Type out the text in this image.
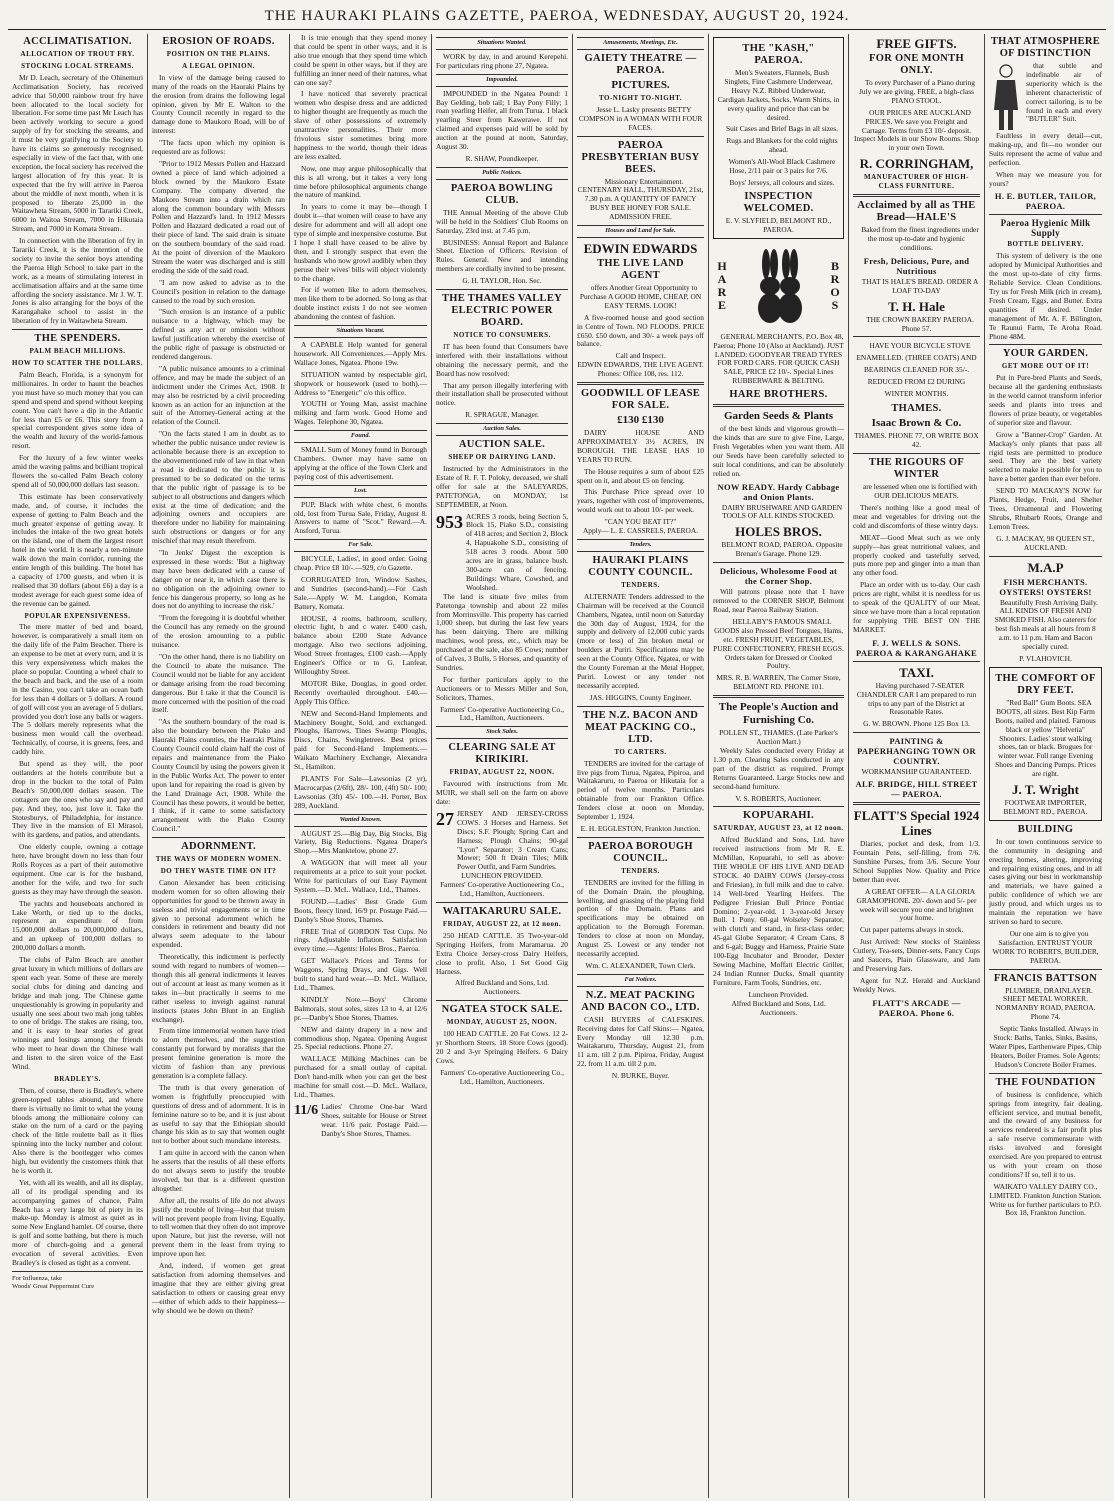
THE HAURAKI PLAINS GAZETTE, PAEROA, WEDNESDAY, AUGUST 20, 1924.
ACCLIMATISATION.
ALLOCATION OF TROUT FRY.
STOCKING LOCAL STREAMS.

Mr D. Leach, secretary of the Ohinemuri Acclimatisation Society, has received advice that 50,000 rainbow trout fry have been allocated to the local society for liberation. For some time past Mr Leach has been actively working to secure a good supply of fry for stocking the streams, and it must be very gratifying to the Society to have its claims so generously recognised, especially in view of the fact that, with one exception, the local society has received the largest allocation of fry this year. It is expected that the fry will arrive in Paeroa about the middle of next month, when it is proposed to liberate 25,000 in the Waitawheta Stream, 5000 in Tarariki Creek, 6000 in Waitoa Stream, 7000 in Hikutaia Stream, and 7000 in Komata Stream.

In connection with the liberation of fry in Tarariki Creek, it is the intention of the society to invite the senior boys attending the Paeroa High School to take part in the work, as a means of stimulating interest in acclimatisation affairs and at the same time affording the society assistance. Mr J. W. T. Jones is also arranging for the boys of the Karangahake school to assist in the liberation of fry in Waitawheta Stream.

THE SPENDERS.
PALM BEACH MILLIONS.
HOW TO SCATTER THE DOLLARS.

Palm Beach, Florida, is a synonym for millionaires. In order to haunt the beaches you must have so much money that you can spend and spend and spend without keeping count. You can't have a dip in the Atlantic for less than £5 or £6. This story from a special correspondent gives some idea of the wealth and luxury of the world-famous resort.

For the luxury of a few winter weeks amid the waving palms and brilliant tropical flowers the so-called Palm Beach colony spend all of 50,000,000 dollars last season.

This estimate has been conservatively made, and, of course, it includes the expense of getting to Palm Beach and the much greater expense of getting away. It includes the intake of the two great hotels on the island, one of them the largest resort hotel in the world. It is nearly a ten-minute walk down the main corridor, running the entire length of this building. The hotel has a capacity of 1700 guests, and when it is realised that 30 dollars (about £6) a day is a modest average for each guest some idea of the revenue can be gained.

POPULAR EXPENSIVENESS.

The mere matter of bed and board, however, is comparatively a small item on the daily life of the Palm Beacher. There is an expense to be met at every turn, and it is this very expensiveness which makes the place so popular. Counting a wheel chair to the beach and back, and the use of a room in the Casino, you can't take an ocean bath for less than 4 dollars or 5 dollars. A round of golf will cost you an average of 5 dollars, provided you don't lose any balls or wagers. The 5 dollars merely represents what the business men would call the overhead. Technically, of course, it is greens, fees, and caddy hire.

But spend as they will, the poor outlanders at the hotels contribute but a drop in the bucket to the total of Palm Beach's 50,000,000 dollars season. The cottagers are the ones who say and pay and pay. And they, too, just love it. Take the Stotesburys, of Philadelphia, for instance. They live in the mansion of El Mirasol, with its gardens, and patios, and attendants.

One elderly couple, owning a cottage here, have brought down no less than four Rolls Royces as a part of their automotive equipment. One car is for the husband, another for the wife, and two for such guests as they may have through the season.

The yachts and houseboats anchored in Lake Worth, or tied up to the docks, represent an expenditure of from 15,000,000 dollars to 20,000,000 dollars, and an upkeep of 100,000 dollars to 200,000 dollars a month.

The clubs of Palm Beach are another great luxury in which millions of dollars are spent each year. Some of these are merely social clubs for dining and dancing and bridge and mah jong. The Chinese game unquestionably is growing in popularity and usually one sees about two mah jong tables to one of bridge. The stakes are rising, too, and it is easy to hear stories of great winnings and losings among the friends who meet to hear down the Chinese wall and listen to the siren voice of the East Wind.

BRADLEY'S.

Then, of course, there is Bradley's, where green-topped tables abound, and where there is virtually no limit to what the young bloods among the millionaire colony can stake on the turn of a card or the paying check of the little roulette ball as it flies spinning into the lucky number and colour. Also there is the bootlegger who comes high, but evidently the customers think that he is worth it.

Yet, with all its wealth, and all its display, all of its prodigal spending and its accompanying games of chance, Palm Beach has a very large bit of piety in its make-up. Monday is almost as quiet as in some New England hamlet. Of course, there is golf and some bathing, but there is much more of church-going and a general evocation of several activities. Even Bradley's is closed as tight as a convent.

For Influenza, take
Woods' Great Peppermint Cure
EROSION OF ROADS.
POSITION ON THE PLAINS.
A LEGAL OPINION.

In view of the damage being caused to many of the roads on the Hauraki Plains by the erosion from drains the following legal opinion, given by Mr E. Walton to the County Council recently in regard to the damage done to Maukoro Road, will be of interest:

"The facts upon which my opinion is requested are as follows:

"Prior to 1912 Messrs Pollen and Hazzard owned a piece of land which adjoined a block owned by the Maukoro Estate Company. The company diverted the Maukoro Stream into a drain which ran along the common boundary with Messrs Pollen and Hazzard's land. In 1912 Messrs Pollen and Hazzard dedicated a road out of their piece of land. The said drain is situate on the southern boundary of the said road. At the point of diversion of the Maukoro Stream the water was discharged and is still eroding the side of the said road.

"I am now asked to advise as to the Council's position in relation to the damage caused to the road by such erosion.

"Such erosion is an instance of a public nuisance to a highway, which may be defined as any act or omission without lawful justification whereby the exercise of the public right of passage is obstructed or rendered dangerous.

"A public nuisance amounts to a criminal offence, and may be made the subject of an indictment under the Crimes Act, 1908. It may also be restricted by a civil proceeding known as an action for an injunction at the suit of the Attorney-General acting at the relation of the Council.

"On the facts stated I am in doubt as to whether the public nuisance under review is actionable because there is an exception to the abovementioned rule of law in that when a road is dedicated to the public it is presumed to be so dedicated on the terms that the public right of passage is to be subject to all obstructions and dangers which exist at the time of dedication; and the adjoining owners and occupiers are therefore under no liability for maintaining such obstructions or dangers or for any mischief that may result therefrom.

"In Jenks' Digest the exception is expressed in these words: 'But a highway may have been dedicated with a cause of danger on or near it, in which case there is no obligation on the adjoining owner to fence his dangerous property, so long as he does not do anything to increase the risk.'

"From the foregoing it is doubtful whether the Council has any remedy on the ground of the erosion amounting to a public nuisance.

"On the other hand, there is no liability on the Council to abate the nuisance. The Council would not be liable for any accident or damage arising from the road becoming dangerous. But I take it that the Council is more concerned with the position of the road itself.

"As the southern boundary of the road is also the boundary between the Piako and Hauraki Plains counties, the Hauraki Plains County Council could claim half the cost of repairs and maintenance from the Piako County Council by using the powers given it in the Public Works Act. The power to enter upon land for repairing the road is given by the Land Drainage Act, 1908. While the Council has these powers, it would be better, I think, if it came to some satisfactory arrangement with the Piako County Council."

ADORNMENT.
THE WAYS OF MODERN WOMEN.
DO THEY WASTE TIME ON IT?

Canon Alexander has been criticising modern women for so often allowing their opportunities for good to be thrown away in useless and trivial engagements or in time given to personal adornment which he considers in retirement and beauty did not always seem adequate to the labour expended.

Theoretically, this indictment is perfectly sound with regard to numbers of women—though this all general indictments it leaves out of account at least as many women as it takes in—but practically it seems to me rather useless to inveigh against natural instincts (states John Blunt in an English exchange).

From time immemorial women have tried to adorn themselves, and the suggestion constantly put forward by moralists that the present feminine generation is more the victim of fashion than any previous generation is a complete fallacy.

The truth is that every generation of women is frightfully preoccupied with questions of dress and of adornment. It is in feminine nature so to be, and it is just about as useful to say that the Ethiopian should change his skin as to say that women ought not to bother about such mundane interests.

I am quite in accord with the canon when he asserts that the results of all these efforts do not always seem to justify the trouble involved, but that is a different question altogether.

After all, the results of life do not always justify the trouble of living—but that truism will not prevent people from living. Equally, to tell women that they often do not improve upon Nature, but just the reverse, will not prevent them in the least from trying to improve upon her.

And, indeed, if women get great satisfaction from adorning themselves and imagine that they are either giving great satisfaction to others or causing great envy—either of which adds to their happiness—why should we be down on them?

It is true enough that they spend money that could be spent in other ways, and it is also true enough that they spend time which could be spent in other ways, but if they are fulfilling an inner need of their natures, what can one say?

I have noticed that severely practical women who despise dress and are addicted to higher thought are frequently as much the slave of other possessions of extremely unattractive personalities. Their more frivolous sister sometimes bring more happiness to the world, though their ideas are less exalted.

Now, one may argue philosophically that this is all wrong, but it takes a very long time before philosophical arguments change the nature of mankind.

In years to come it may be—though I doubt it—that women will cease to have any desire for adornment and will all adopt one type of simple and inexpensive costume. But I hope I shall have ceased to be alive by then, and I strongly suspect that even the husbands who now growl audibly when they peruse their wives' bills will object violently to the change.

For if women like to adorn themselves, men like them to be adorned. So long as that double instinct exists I do not see women abandoning the contest of fashion.

Situations Vacant.

A CAPABLE Help wanted for general housework. All Conveniences.—Apply Mrs. Wallace Jones, Ngatea. Phone 19w.

SITUATION wanted by respectable girl, shopwork or housework (used to both).—Address to "Energetic" c/o this office.

YOUTH or Young Man, assist machine milking and farm work. Good Home and Wages. Telephone 30, Ngatea.

Found.

SMALL Sum of Money found in Borough Chambers. Owner may have same on applying at the office of the Town Clerk and paying cost of this advertisement.

Lost.

PUP, Black with white chest, 6 months old, lost from Turua Sale, Friday, August 8. Answers to name of "Scot." Reward.—A. Ansford, Turua.

For Sale.

BICYCLE, Ladies', in good order. Going cheap. Price £8 10/-.—929, c/o Gazette.

CORRUGATED Iron, Window Sashes, and Sundries (second-hand).—For Cash Sale.—Apply W. M. Langdon, Komata Battery, Komata.

HOUSE, 4 rooms, bathroom, scullery, electric light, h and c water. £400 cash, balance about £200 State Advance mortgage. Also two sections adjoining, Wood Street frontages, £100 cash.—Apply Engineer's Office or to G. Lanfear, Willoughby Street.

MOTOR Bike, Douglas, in good order. Recently overhauled throughout. £40.—Apply This Office.

NEW and Second-Hand Implements and Machinery Bought, Sold, and exchanged. Ploughs, Harrows, Tines Swamp Ploughs, Discs, Chains, Swingletrees. Best prices paid for Second-Hand Implements.—Waikato Machinery Exchange, Alexandra St., Hamilton.

PLANTS For Sale—Lawsonias (2 yr), Macrocarpas (2/6ft), 28/- 100, (4ft) 50/- 100; Lawsonias (3ft) 45/- 100.—H. Porter, Box 289, Auckland.

Wanted Known.

AUGUST 25.—Big Day, Big Stocks, Big Variety, Big Reductions. Ngatea Draper's Shop.—Mrs Manktelow, phone 27.

A WAGGON that will meet all your requirements at a price to suit your pocket. Write for particulars of our Easy Payment System.—D. McL. Wallace, Ltd., Thames.

FOUND.—Ladies' Best Grade Gum Boots, fleecy lined, 16/9 pr. Postage Paid.—Danby's Shoe Stores, Thames.

FREE Trial of GORDON Test Cups. No rings. Adjustable Inflation. Satisfaction every time.—Agents: Holes Bros., Paeroa.

GET Wallace's Prices and Terms for Waggons, Spring Drays, and Gigs. Well built to stand hard wear.—D. McL. Wallace, Ltd., Thames.

KINDLY Note.—Boys' Chrome Balmorals, stout soles, sizes 13 to 4, at 12/6 pr.—Danby's Shoe Stores, Thames.

NEW and dainty drapery in a new and commodious shop, Ngatea. Opening August 25. Special reductions. Phone 27.

WALLACE Milking Machines can be purchased for a small outlay of capital. Don't hand-milk when you can get the best machine for small cost.—D. McL. Wallace, Ltd., Thames.

11/6 Ladies' Chrome One-bar Ward Shoes, suitable for House or Street wear. 11/6 pair. Postage Paid.—Danby's Shoe Stores, Thames.
Situations Wanted.

WORK by day, in and around Kerepehi. For particulars ring phone 27, Ngatea.

Impounded.

IMPOUNDED in the Ngatea Pound: 1 Bay Gelding, bob tail; 1 Bay Pony Filly; 1 roan yearling Heifer, all from Turua. 1 black yearling Steer from Kawerawe. If not claimed and expenses paid will be sold by auction at the pound at noon, Saturday, August 30.

R. SHAW, Poundkeeper.
Public Notices.
PAEROA BOWLING CLUB.

THE Annual Meeting of the above Club will be held in the Soldiers' Club Rooms on Saturday, 23rd inst. at 7.45 p.m.

BUSINESS: Annual Report and Balance Sheet. Election of Officers. Revision of Rules. General. New and intending members are cordially invited to be present.

G. H. TAYLOR, Hon. Sec.
THE THAMES VALLEY ELECTRIC POWER BOARD.
NOTICE TO CONSUMERS.

IT has been found that Consumers have interfered with their installations without obtaining the necessary permit, and the Board has now resolved:

That any person illegally interfering with their installation shall be prosecuted without notice.

R. SPRAGUE, Manager.
Auction Sales.
AUCTION SALE.
SHEEP OR DAIRYING LAND.

Instructed by the Administrators in the Estate of R. F. T. Poloky, deceased, we shall offer for sale at the SALEYARDS, PATETONGA, on MONDAY, 1st SEPTEMBER, at Noon.

953 ACRES 3 roods, being Section 5, Block 15, Piako S.D., consisting of 418 acres; and Section 2, Block 4, Hapuakohe S.D., consisting of 518 acres 3 roods. About 500 acres are in grass, balance bush. 300-acre can of fencing. Buildings: Whare, Cowshed, and Woolshed.

The land is situate five miles from Patetonga township and about 22 miles from Morrinsville. This property has carried 1,000 sheep, but during the last few years has been dairying. There are milking machines, wool press, etc., which may be purchased at the sale, also 85 Cows; number of Calves, 3 Bulls, 5 Horses, and quantity of Sundries.

For further particulars apply to the Auctioneers or to Messrs Miller and Son, Solicitors, Thames.

Farmers' Co-operative Auctioneering Co., Ltd., Hamilton, Auctioneers.
Stock Sales.
CLEARING SALE AT KIRIKIRI.
FRIDAY, AUGUST 22, NOON.

Favoured with instructions from Mr. MUIR, we shall sell on the farm on above date:

27 JERSEY AND JERSEY-CROSS COWS. 3 Horses and Harness. Set Discs; S.F. Plough; Spring Cart and Harness; Plough Chains; 90-gal "Lyon" Separator; 3 Cream Cans; Mower; 500 ft Drain Tiles; Milk Power Outfit, and Farm Sundries.
LUNCHEON PROVIDED.
Farmers' Co-operative Auctioneering Co., Ltd., Hamilton, Auctioneers.
WAITAKARURU SALE.
FRIDAY, AUGUST 22, at 12 noon.

250 HEAD CATTLE. 35 Two-year-old Springing Heifers, from Maramarua. 20 Extra Choice Jersey-cross Dairy Heifers, close to profit. Also, 1 Set Good Gig Harness.

Alfred Buckland and Sons, Ltd. Auctioneers.
NGATEA STOCK SALE.
MONDAY, AUGUST 25, NOON.

100 HEAD CATTLE. 20 Fat Cows. 12 2-yr Shorthorn Steers. 18 Store Cows (good). 20 2 and 3-yr Springing Heifers. 6 Dairy Cows.

Farmers' Co-operative Auctioneering Co., Ltd., Hamilton, Auctioneers.
Amusements, Meetings, Etc.
GAIETY THEATRE — PAEROA.
PICTURES.
TO-NIGHT TO-NIGHT.

Jesse L. Lasky presents BETTY COMPSON in A WOMAN WITH FOUR FACES.

PAEROA PRESBYTERIAN BUSY BEES.

Missionary Entertainment. CENTENARY HALL, THURSDAY, 21st, 7.30 p.m. A QUANTITY OF FANCY BUSY BEE HONEY FOR SALE. ADMISSION FREE.

Houses and Land for Sale.
EDWIN EDWARDS
THE LIVE LAND AGENT

offers Another Great Opportunity to Purchase A GOOD HOME, CHEAP, ON EASY TERMS. LOOK!

A five-roomed house and good section in Centre of Town. NO FLOODS. PRICE £650. £50 down, and 30/- a week pays off balance.

Call and Inspect.
EDWIN EDWARDS, THE LIVE AGENT. Phones: Office 108, res. 112.
GOODWILL OF LEASE FOR SALE.
£130 £130

DAIRY HOUSE AND APPROXIMATELY 3½ ACRES, IN BOROUGH. THE LEASE HAS 10 YEARS TO RUN.

The House requires a sum of about £25 spent on it, and about £5 on fencing.

This Purchase Price spread over 10 years, together with cost of improvements, would work out to about 10/- per week.

"CAN YOU BEAT IT?"
Apply— L. E. CASSRELS, PAEROA.
Tenders.
HAURAKI PLAINS COUNTY COUNCIL.
TENDERS.

ALTERNATE Tenders addressed to the Chairman will be received at the Council Chambers, Ngatea, until noon on Saturday the 30th day of August, 1924, for the supply and delivery of 12,000 cubic yards (more or less) of 2in broken metal or boulders at Puriri. Specifications may be seen at the County Office, Ngatea, or with the County Foreman at the Metal Hopper, Puriri. Lowest or any tender not necessarily accepted.

JAS. HIGGINS, County Engineer.
THE N.Z. BACON AND MEAT PACKING CO., LTD.
TO CARTERS.

TENDERS are invited for the cartage of live pigs from Turua, Ngatea, Pipiroa, and Waitakaruru, to Paeroa or Hikutaia for a period of twelve months. Particulars obtainable from our Frankton Office. Tenders close at noon on Monday, September 1, 1924.

E. H. EGGLESTON, Frankton Junction.
PAEROA BOROUGH COUNCIL.
TENDERS.

TENDERS are invited for the filling in of the Domain Drain, the ploughing, levelling, and grassing of the playing field portion of the Domain. Plans and specifications may be obtained on application to the Borough Foreman. Tenders to close at noon on Monday, August 25. Lowest or any tender not necessarily accepted.

Wm. C. ALEXANDER, Town Clerk.
Fat Notices.
N.Z. MEAT PACKING AND BACON CO., LTD.

CASH BUYERS of CALFSKINS. Receiving dates for Calf Skins:— Ngatea, Every Monday till 12.30 p.m. Waitakaruru, Thursday, August 21, from 11 a.m. till 2 p.m. Pipiroa, Friday, August 22, from 11 a.m. till 2 p.m.

N. BURKE, Buyer.
THE "KASH," PAEROA.

Men's Sweaters, Flannels, Bush Singlets, Fine Cashmere Underwear, Heavy N.Z. Ribbed Underwear, Cardigan Jackets, Socks, Warm Shirts, in every quality and price that can be desired.

Suit Cases and Brief Bags in all sizes.

Rugs and Blankets for the cold nights ahead.

Women's All-Wool Black Cashmere Hose, 2/11 pair or 3 pairs for 7/6.

Boys' Jerseys, all colours and sizes.

INSPECTION WELCOMED.
E. V. SLYFIELD, BELMONT RD., PAEROA.
H
A
R
E
B
R
O
S

GENERAL MERCHANTS. P.O. Box 48, Paeroa; Phone 10 (Also at Auckland). JUST LANDED: GOODYEAR TREAD TYRES FOR FORD CARS. FOR QUICK CASH SALE, PRICE £2 10/-. Special Lines RUBBERWARE & BELTING.

HARE BROTHERS.
Garden Seeds & Plants

of the best kinds and vigorous growth—the kinds that are sure to give Fine, Large, Fresh Vegetables when you want them. All our Seeds have been carefully selected to suit local conditions, and can be absolutely relied on.

NOW READY. Hardy Cabbage and Onion Plants.

DAIRY BRUSHWARE AND GARDEN TOOLS OF ALL KINDS STOCKED.

HOLES BROS.

BELMONT ROAD, PAEROA. Opposite Brenan's Garage. Phone 129.

Delicious, Wholesome Food at the Corner Shop.

Will patrons please note that I have removed to the CORNER SHOP, Belmont Road, near Paeroa Railway Station.

HELLABY'S FAMOUS SMALL GOODS also Pressed Beef Tongues, Hams, etc. FRESH FRUIT, VEGETABLES, PURE CONFECTIONERY, FRESH EGGS. Orders taken for Dressed or Cooked Poultry.

MRS. R. B. WARREN, The Corner Store, BELMONT RD. PHONE 101.
The People's Auction and Furnishing Co.
POLLEN ST., THAMES. (Late Parker's Auction Mart.)

Weekly Sales conducted every Friday at 1.30 p.m. Clearing Sales conducted in any part of the district as required. Prompt Returns Guaranteed. Large Stocks new and second-hand furniture.

V. S. ROBERTS, Auctioneer.
KOPUARAHI.
SATURDAY, AUGUST 23, at 12 noon.

Alfred Buckland and Sons, Ltd. have received instructions from Mr R. E. McMillan, Kopuarahi, to sell as above: THE WHOLE OF HIS LIVE AND DEAD STOCK. 40 DAIRY COWS (Jersey-cross and Friesian), in full milk and due to calve. 14 Well-bred Yearling Heifers. The Pedigree Friesian Bull Prince Pontiac Domino; 2-year-old. 1 3-year-old Jersey Bull. 1 Pony. 60-gal Wolseley Separator, with clutch and stand, in first-class order; 45-gal Globe Separator; 4 Cream Cans, 8 and 6-gal; Buggy and Harness, Prairie State 100-Egg Incubator and Brooder, Dexter Sewing Machine, Moffatt Electric Griller, 24 Indian Runner Ducks, Small quantity Furniture, Farm Tools, Sundries, etc.

Luncheon Provided.
Alfred Buckland and Sons, Ltd. Auctioneers.
FREE GIFTS.
FOR ONE MONTH ONLY.

To every Purchaser of a Piano during July we are giving, FREE, a high-class PIANO STOOL.

OUR PRICES ARE AUCKLAND PRICES. We save you Freight and Cartage. Terms from £3 10/- deposit. Inspect Models in our Show Rooms. Shop in your own Town.

R. CORRINGHAM,
MANUFACTURER OF HIGH-CLASS FURNITURE.
Acclaimed by all as THE Bread—HALE'S

Baked from the finest ingredients under the most up-to-date and hygienic conditions.

Fresh, Delicious, Pure, and Nutritious

THAT IS HALE'S BREAD. ORDER A LOAF TO-DAY

T. H. Hale

THE CROWN BAKERY PAEROA. Phone 57.

HAVE YOUR BICYCLE STOVE ENAMELLED. (THREE COATS) AND BEARINGS CLEANED FOR 35/-. REDUCED FROM £2 DURING WINTER MONTHS.

THAMES.
Isaac Brown & Co.
THAMES. PHONE 77, OR WRITE BOX 42.
THE RIGOURS OF WINTER

are lessened when one is fortified with OUR DELICIOUS MEATS.

There's nothing like a good meal of meat and vegetables for driving out the cold and discomforts of these wintry days.

MEAT—Good Meat such as we only supply—has great nutritional values, and properly cooked and tastefully served, puts more pep and ginger into a man than any other food.

Place an order with us to-day. Our cash prices are right, whilst it is needless for us to speak of the QUALITY of our Meat, since we have more than a local reputation for supplying THE BEST ON THE MARKET.

F. J. WELLS & SONS. PAEROA & KARANGAHAKE
TAXI.

Having purchased 7-SEATER CHANDLER CAR I am prepared to run trips to any part of the District at Reasonable Rates.

G. W. BROWN. Phone 125 Box 13.
PAINTING & PAPERHANGING TOWN OR COUNTRY.
WORKMANSHIP GUARANTEED.
ALF. BRIDGE, HILL STREET — PAEROA.
FLATT'S Special 1924 Lines

Diaries, pocket and desk, from 1/3. Fountain Pens, self-filling, from 7/6. Sunshine Purses, from 3/6. Secure Your School Supplies Now. Quality and Price better than ever.

A GREAT OFFER— A LA GLORIA GRAMOPHONE. 20/- down and 5/- per week will secure you one and brighten your home.

Cut paper patterns always in stock.

Just Arrived: New stocks of Stainless Cutlery, Tea-sets, Dinner-sets, Fancy Cups and Saucers, Plain Glassware, and Jam and Preserving Jars.

Agent for N.Z. Herald and Auckland Weekly News.

FLATT'S ARCADE — PAEROA. Phone 6.
THAT ATMOSPHERE OF DISTINCTION

that subtle and indefinable air of superiority which is the inherent characteristic of correct tailoring, is to be found in each and every "BUTLER" Suit.

Faultless in every detail—cut, making-up, and fit—no wonder our Suits represent the acme of value and perfection.

When may we measure you for yours?

H. E. BUTLER, TAILOR, PAEROA.
Paeroa Hygienic Milk Supply
BOTTLE DELIVERY.

This system of delivery is the one adopted by Municipal Authorities and the most up-to-date of city firms. Reliable Service. Clean Conditions. Try us for Fresh Milk (rich in cream), Fresh Cream, Eggs, and Butter. Extra quantities if desired. Under management of Mr. A. F. Billington, Te Raunui Farm, Te Aroha Road. Phone 48M.

YOUR GARDEN.
GET MORE OUT OF IT!

Put in Pure-bred Plants and Seeds, because all the gardening enthusiasts in the world cannot transform inferior seeds and plants into trees and flowers of prize beauty, or vegetables of superior size and flavour.

Grow a "Banner-Crop" Garden. At Mackay's only plants that pass all rigid tests are permitted to produce seed. They are the best variety selected to make it possible for you to have a better garden than ever before.

SEND TO MACKAY'S NOW for Plants, Hedge, Fruit, and Shelter Trees, Ornamental and Flowering Shrubs, Rhubarb Roots, Orange and Lemon Trees.

G. J. MACKAY, 98 QUEEN ST., AUCKLAND.
M.A.P
FISH MERCHANTS. OYSTERS! OYSTERS!

Beautifully Fresh Arriving Daily. ALL KINDS OF FRESH AND SMOKED FISH. Also caterers for best fish meals at all hours from 8 a.m. to 11 p.m. Ham and Bacon specially cured.

P. VLAHOVICH.
THE COMFORT OF DRY FEET.

"Red Ball" Gum Boots. SEA BOOTS, all sizes. Best Kip Farm Boots, nailed and plaited. Famous black or yellow "Helvetia" Shooters. Ladies' stout walking shoes, tan or black. Brogues for winter wear. Full range Evening Shoes and Dancing Pumps. Prices are right.

J. T. Wright
FOOTWEAR IMPORTER, BELMONT RD., PAEROA.
BUILDING

In our town continuous service to the community in designing and erecting homes, altering, improving and repairing existing ones, and in all cases giving our best in workmanship and materials, we have gained a public confidence of which we are justly proud, and which urges us to maintain the reputation we have striven so hard to secure.

Our one aim is to give you Satisfaction. ENTRUST YOUR WORK TO ROBERTS, BUILDER, PAEROA.

FRANCIS BATTSON

PLUMBER, DRAINLAYER. SHEET METAL WORKER. NORMANBY ROAD, PAEROA. Phone 74.

Septic Tanks Installed. Always in Stock: Baths, Tanks, Sinks, Basins, Water Pipes, Earthenware Pipes, Chip Heaters, Boiler Frames. Sole Agents: Hudson's Concrete Boiler Frames.

THE FOUNDATION

of business is confidence, which springs from integrity, fair dealing, efficient service, and mutual benefit, and the reward of any business for services rendered is a fair profit plus a safe reserve commensurate with risks involved and foresight exercised. Are you prepared to entrust us with your cream on those conditions? If so, tell it to us.

WAIKATO VALLEY DAIRY CO., LIMITED. Frankton Junction Station. Write us for further particulars to P.O. Box 18, Frankton Junction.
